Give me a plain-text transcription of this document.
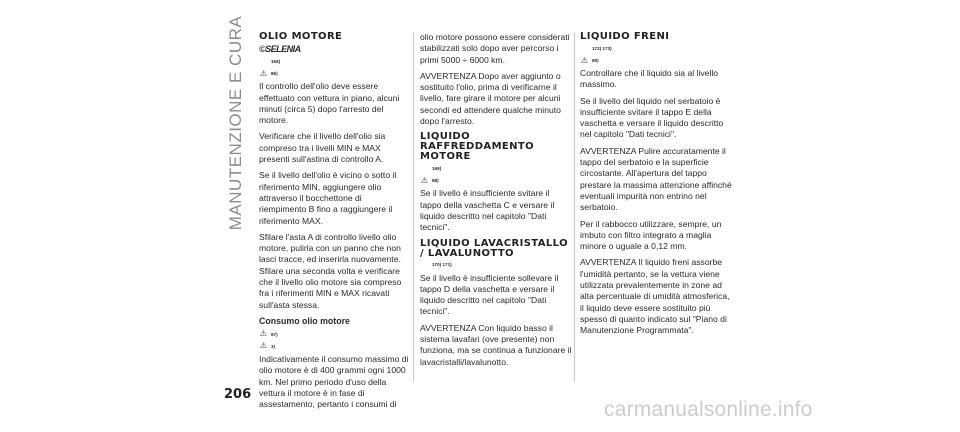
MANUTENZIONE E CURA OLIO MOTORE
©SELENIA
168)
⚠ 86)

Il controllo dell'olio deve essere effettuato con vettura in piano, alcuni minuti (circa 5) dopo l'arresto del motore.

Verificare che il livello dell'olio sia compreso tra i livelli MIN e MAX presenti sull'astina di controllo A.

Se il livello dell'olio è vicino o sotto il riferimento MIN, aggiungere olio attraverso il bocchettone di riempimento B fino a raggiungere il riferimento MAX.

Sfilare l'asta A di controllo livello olio motore, pulirla con un panno che non lasci tracce, ed inserirla nuovamente. Sfilare una seconda volta e verificare che il livello olio motore sia compreso fra i riferimenti MIN e MAX ricavati sull'asta stessa.

Consumo olio motore
⚠ 87)
⚠ 3)

Indicativamente il consumo massimo di olio motore è di 400 grammi ogni 1000 km. Nel primo periodo d'uso della vettura il motore è in fase di assestamento, pertanto i consumi di

olio motore possono essere considerati stabilizzati solo dopo aver percorso i primi 5000 ÷ 6000 km.

AVVERTENZA Dopo aver aggiunto o sostituito l'olio, prima di verificarne il livello, fare girare il motore per alcuni secondi ed attendere qualche minuto dopo l'arresto.

LIQUIDO RAFFREDDAMENTO MOTORE
169)
⚠ 88)

Se il livello è insufficiente svitare il tappo della vaschetta C e versare il liquido descritto nel capitolo "Dati tecnici".

LIQUIDO LAVACRISTALLO / LAVALUNOTTO
170) 171)

Se il livello è insufficiente sollevare il tappo D della vaschetta e versare il liquido descritto nel capitolo "Dati tecnici".

AVVERTENZA Con liquido basso il sistema lavafari (ove presente) non funziona, ma se continua a funzionare il lavacristalli/lavalunotto.

LIQUIDO FRENI
172) 173)
⚠ 89)

Controllare che il liquido sia al livello massimo.

Se il livello del liquido nel serbatoio è insufficiente svitare il tappo E della vaschetta e versare il liquido descritto nel capitolo "Dati tecnici".

AVVERTENZA Pulire accuratamente il tappo del serbatoio e la superficie circostante. All'apertura del tappo prestare la massima attenzione affinché eventuali impurità non entrino nel serbatoio.

Per il rabbocco utilizzare, sempre, un imbuto con filtro integrato a maglia minore o uguale a 0,12 mm.

AVVERTENZA Il liquido freni assorbe l'umidità pertanto, se la vettura viene utilizzata prevalentemente in zone ad alta percentuale di umidità atmosferica, il liquido deve essere sostituito più spesso di quanto indicato sul "Piano di Manutenzione Programmata".

206
carmanualsonline.info
